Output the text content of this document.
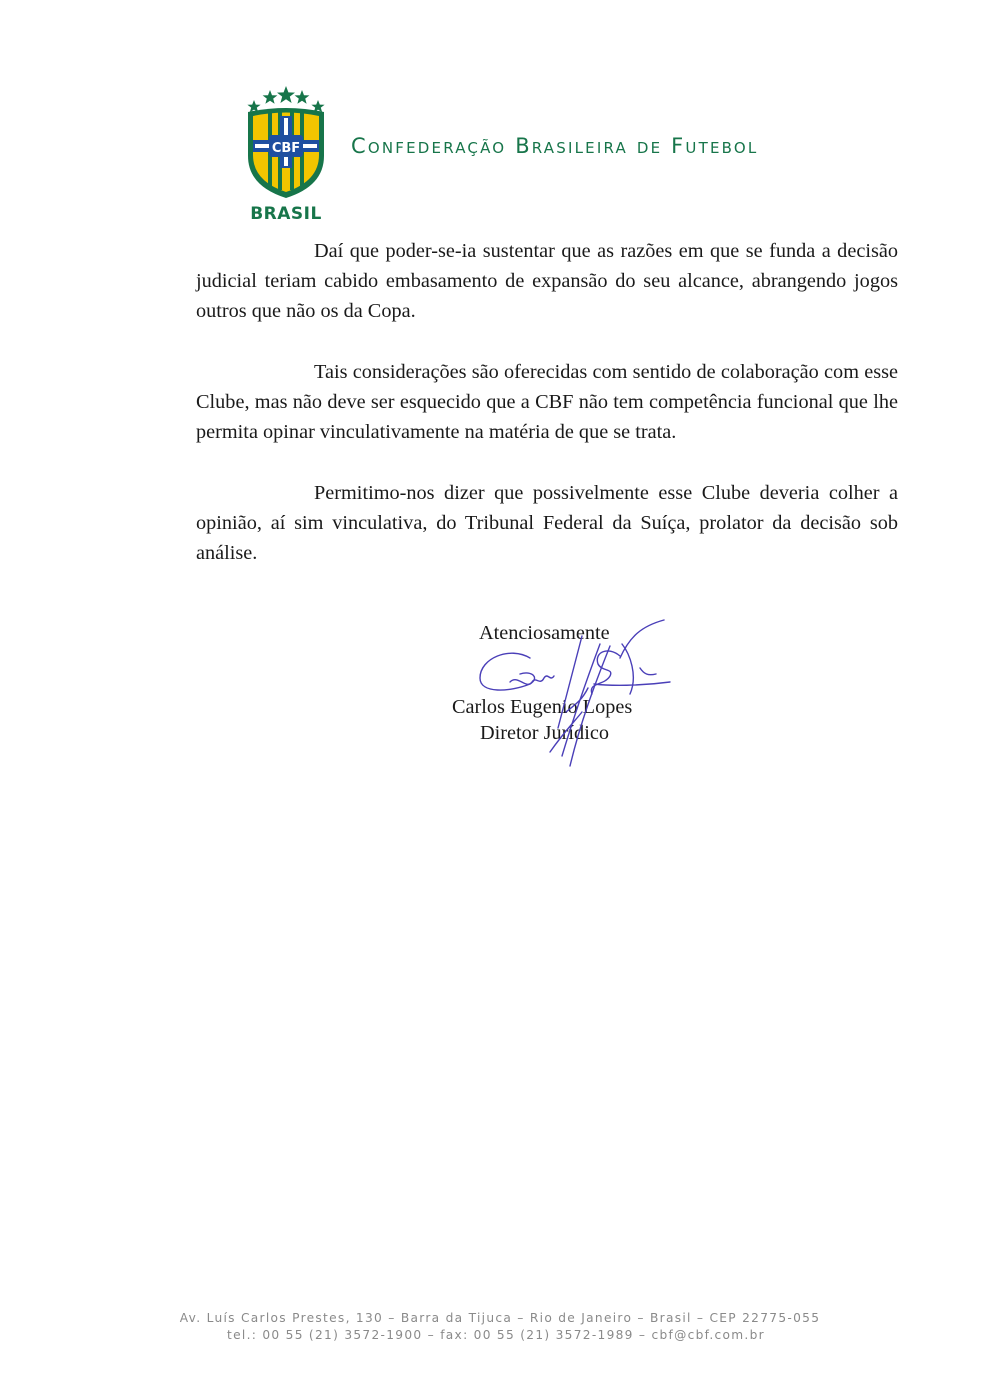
CBF
BRASIL
Confederação Brasileira de Futebol

Daí que poder-se-ia sustentar que as razões em que se funda a decisão judicial teriam cabido embasamento de expansão do seu alcance, abrangendo jogos outros que não os da Copa.

Tais considerações são oferecidas com sentido de colaboração com esse Clube, mas não deve ser esquecido que a CBF não tem competência funcional que lhe permita opinar vinculativamente na matéria de que se trata.

Permitimo-nos dizer que possivelmente esse Clube deveria colher a opinião, aí sim vinculativa, do Tribunal Federal da Suíça, prolator da decisão sob análise.

Atenciosamente
Carlos Eugenio Lopes
Diretor Jurídico
Av. Luís Carlos Prestes, 130 – Barra da Tijuca – Rio de Janeiro – Brasil – CEP 22775-055
tel.: 00 55 (21) 3572-1900 – fax: 00 55 (21) 3572-1989 – cbf@cbf.com.br
